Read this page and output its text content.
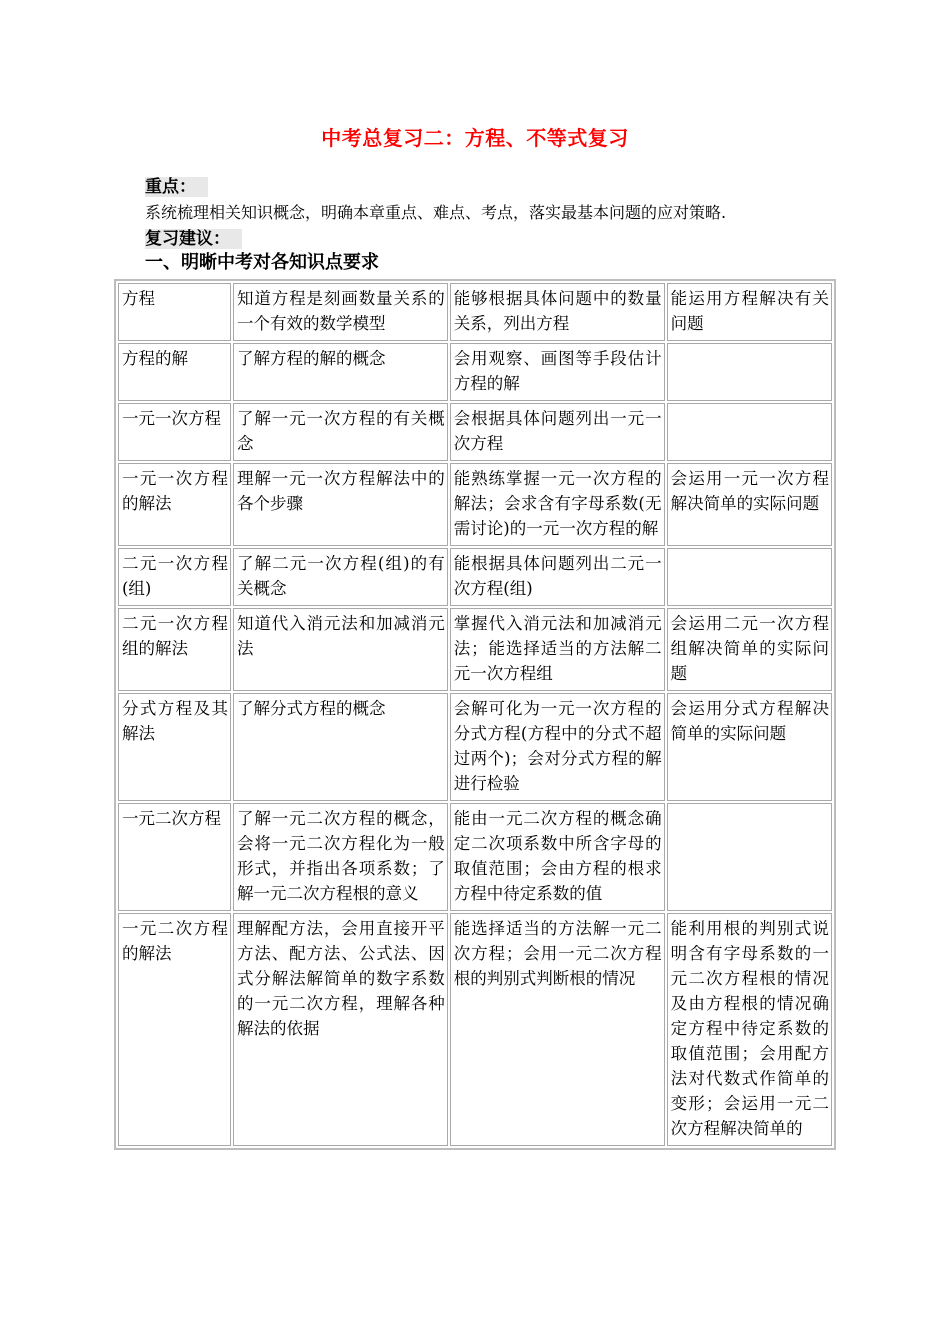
中考总复习二：方程、不等式复习
重点：
系统梳理相关知识概念，明确本章重点、难点、考点，落实最基本问题的应对策略.
复习建议：
一、明晰中考对各知识点要求
方程	知道方程是刻画数量关系的一个有效的数学模型	能够根据具体问题中的数量关系，列出方程	能运用方程解决有关问题
方程的解	了解方程的解的概念	会用观察、画图等手段估计方程的解	
一元一次方程	了解一元一次方程的有关概念	会根据具体问题列出一元一次方程	
一元一次方程的解法	理解一元一次方程解法中的各个步骤	能熟练掌握一元一次方程的解法；会求含有字母系数(无需讨论)的一元一次方程的解	会运用一元一次方程解决简单的实际问题
二元一次方程(组)	了解二元一次方程(组)的有关概念	能根据具体问题列出二元一次方程(组)	
二元一次方程组的解法	知道代入消元法和加减消元法	掌握代入消元法和加减消元法；能选择适当的方法解二元一次方程组	会运用二元一次方程组解决简单的实际问题
分式方程及其解法	了解分式方程的概念	会解可化为一元一次方程的分式方程(方程中的分式不超过两个)；会对分式方程的解进行检验	会运用分式方程解决简单的实际问题
一元二次方程	了解一元二次方程的概念，会将一元二次方程化为一般形式，并指出各项系数；了解一元二次方程根的意义	能由一元二次方程的概念确定二次项系数中所含字母的取值范围；会由方程的根求方程中待定系数的值	
一元二次方程的解法	理解配方法，会用直接开平方法、配方法、公式法、因式分解法解简单的数字系数的一元二次方程，理解各种解法的依据	能选择适当的方法解一元二次方程；会用一元二次方程根的判别式判断根的情况	能利用根的判别式说明含有字母系数的一元二次方程根的情况及由方程根的情况确定方程中待定系数的取值范围；会用配方法对代数式作简单的变形；会运用一元二次方程解决简单的
